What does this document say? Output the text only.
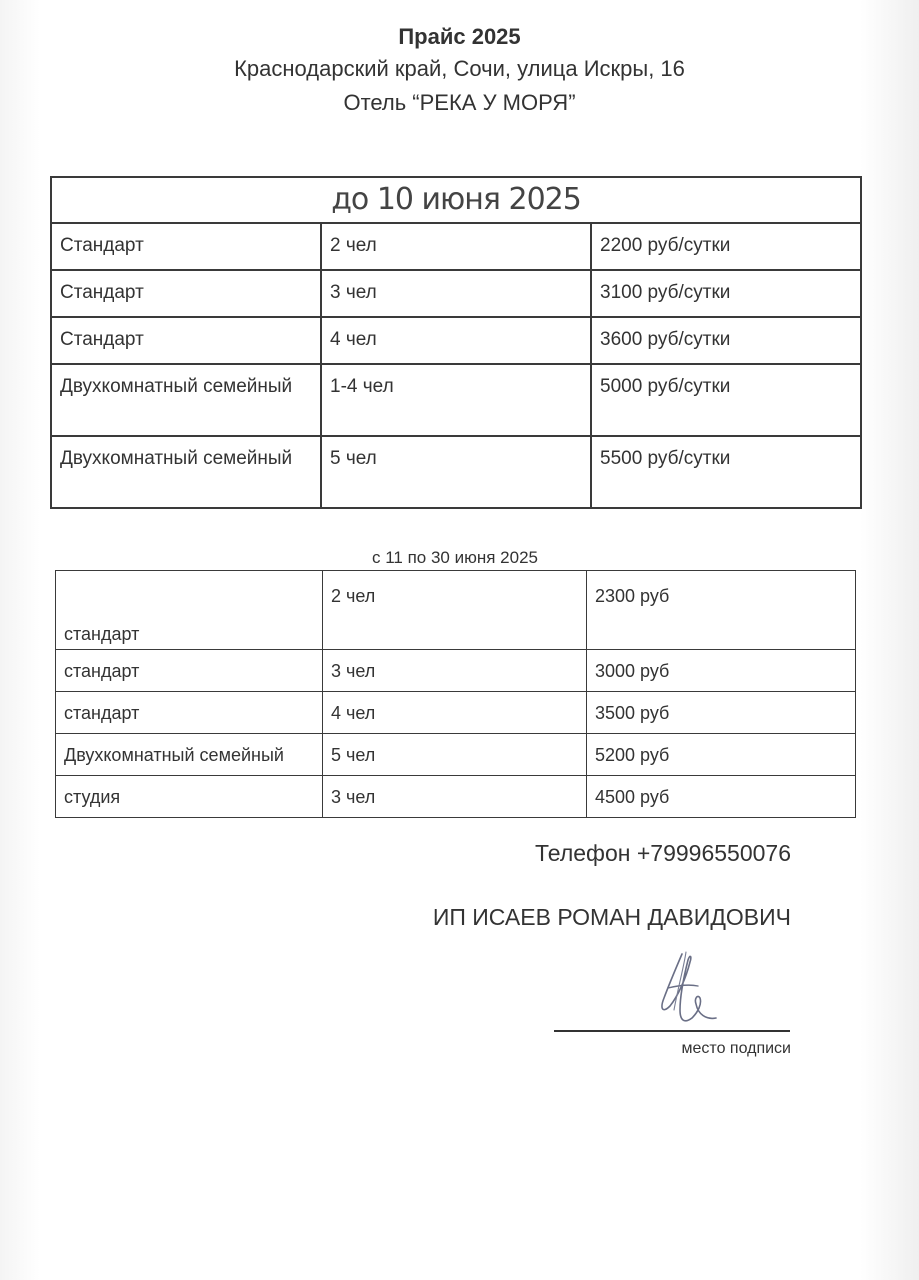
Прайс 2025
Краснодарский край, Сочи, улица Искры, 16
Отель “РЕКА У МОРЯ”
до 10 июня 2025		
Стандарт	2 чел	2200 руб/сутки
Стандарт	3 чел	3100 руб/сутки
Стандарт	4 чел	3600 руб/сутки
Двухкомнатный семейный	1-4 чел	5000 руб/сутки
Двухкомнатный семейный	5 чел	5500 руб/сутки
с 11 по 30 июня 2025
стандарт	2 чел	2300 руб
стандарт	3 чел	3000 руб
стандарт	4 чел	3500 руб
Двухкомнатный семейный	5 чел	5200 руб
студия	3 чел	4500 руб
Телефон +79996550076
ИП ИСАЕВ РОМАН ДАВИДОВИЧ
место подписи
